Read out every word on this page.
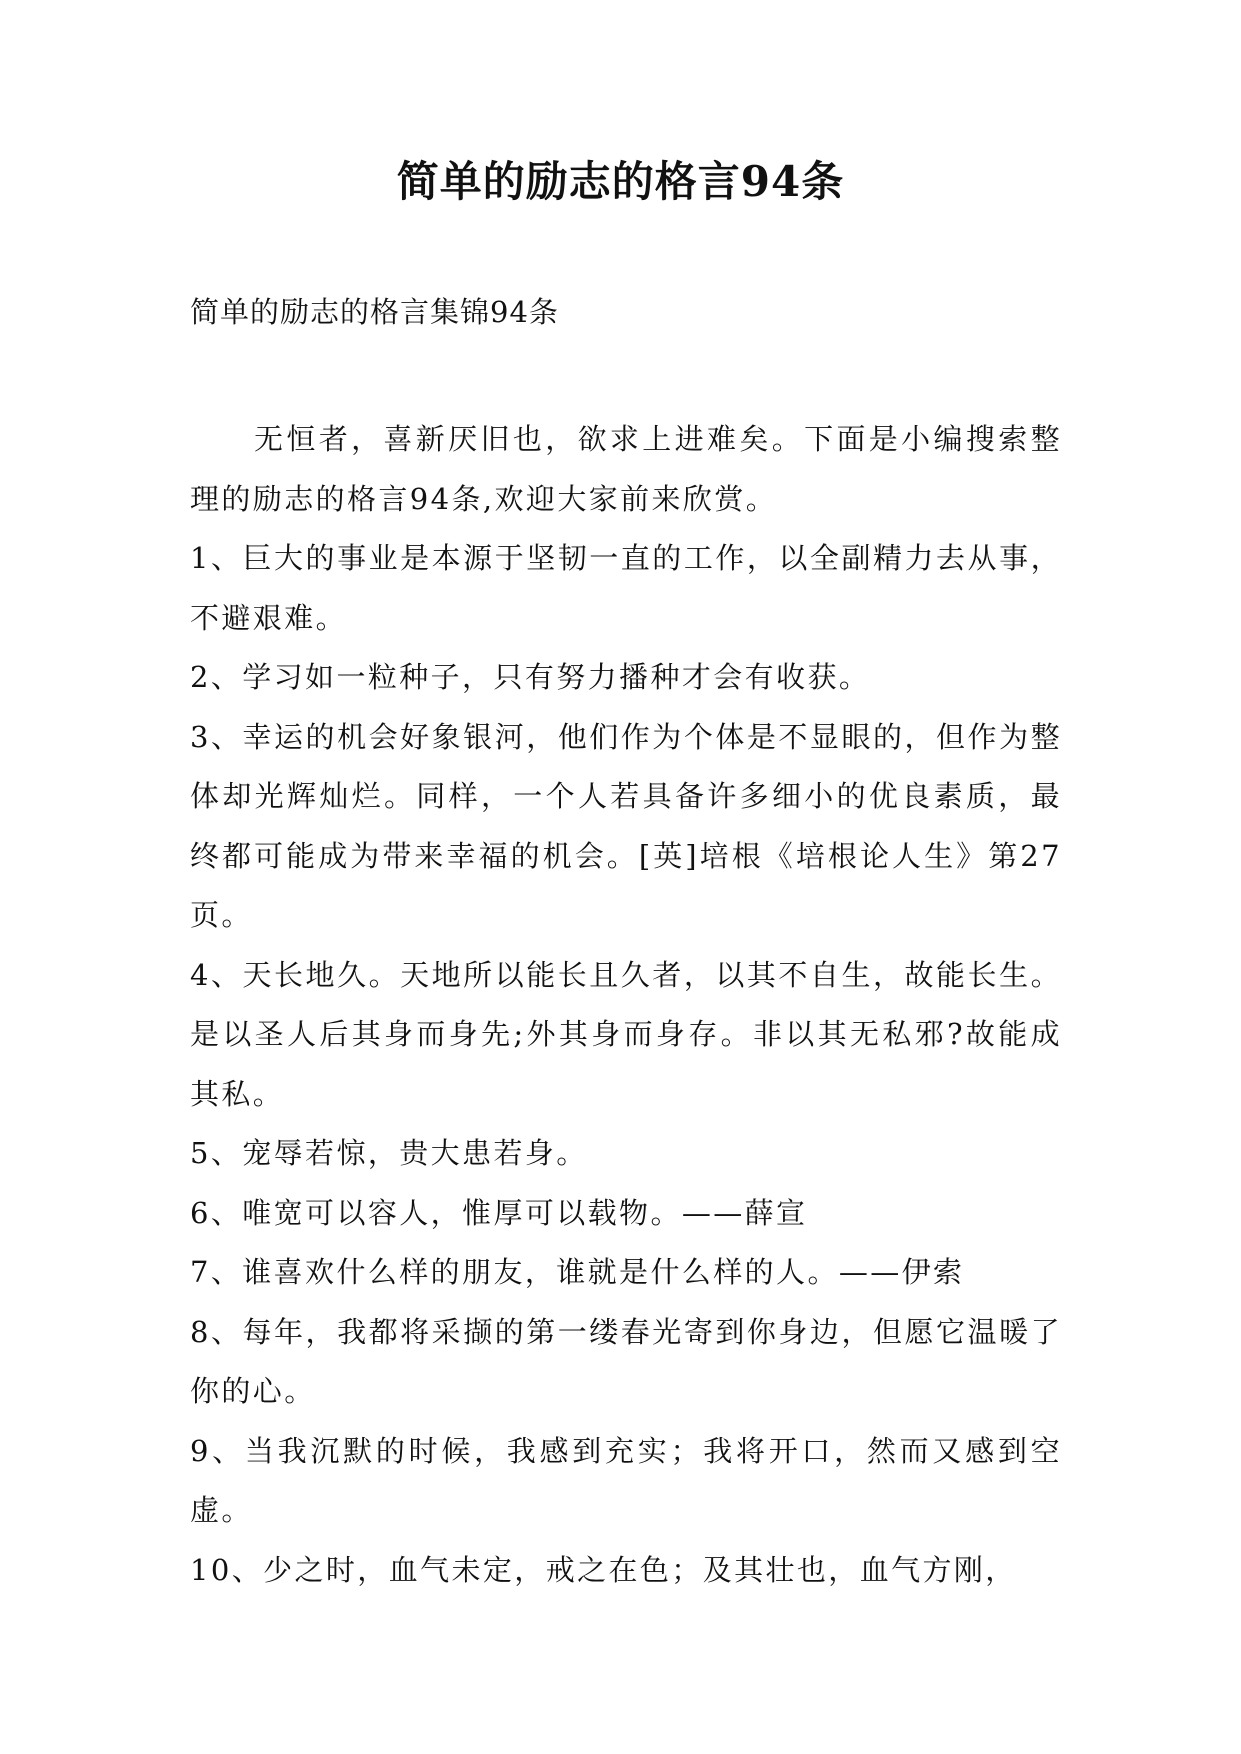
简单的励志的格言94条

简单的励志的格言集锦94条

无恒者，喜新厌旧也，欲求上进难矣。下面是小编搜索整理的励志的格言94条,欢迎大家前来欣赏。

1、巨大的事业是本源于坚韧一直的工作，以全副精力去从事，不避艰难。

2、学习如一粒种子，只有努力播种才会有收获。

3、幸运的机会好象银河，他们作为个体是不显眼的，但作为整体却光辉灿烂。同样，一个人若具备许多细小的优良素质，最终都可能成为带来幸福的机会。[英]培根《培根论人生》第27页。

4、天长地久。天地所以能长且久者，以其不自生，故能长生。是以圣人后其身而身先;外其身而身存。非以其无私邪?故能成其私。

5、宠辱若惊，贵大患若身。

6、唯宽可以容人，惟厚可以载物。——薛宣

7、谁喜欢什么样的朋友，谁就是什么样的人。——伊索

8、每年，我都将采撷的第一缕春光寄到你身边，但愿它温暖了你的心。

9、当我沉默的时候，我感到充实；我将开口，然而又感到空虚。

10、少之时，血气未定，戒之在色；及其壮也，血气方刚，
